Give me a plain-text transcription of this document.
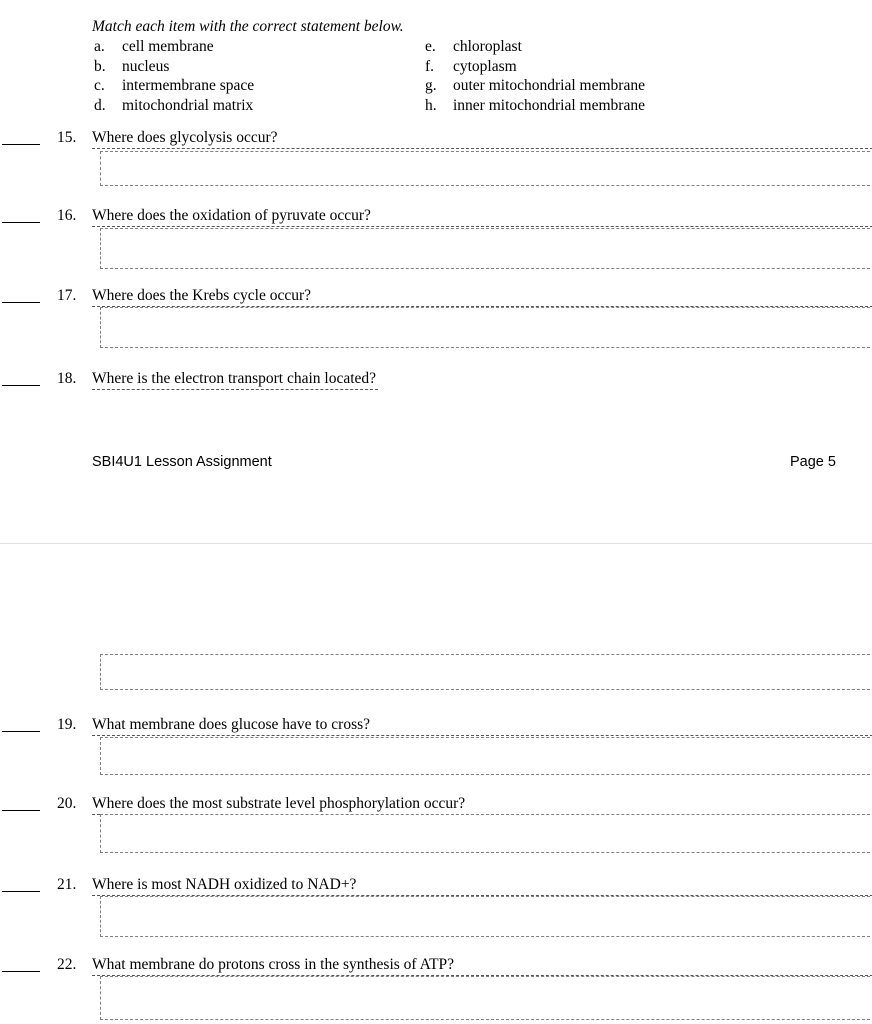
Match each item with the correct statement below.
a.	cell membrane
b.	nucleus
c.	intermembrane space
d.	mitochondrial matrix
e.	chloroplast
f.	cytoplasm
g.	outer mitochondrial membrane
h.	inner mitochondrial membrane
15. Where does glycolysis occur?
16. Where does the oxidation of pyruvate occur?
17. Where does the Krebs cycle occur?
18. Where is the electron transport chain located?
SBI4U1 Lesson Assignment	Page 5
19. What membrane does glucose have to cross?
20. Where does the most substrate level phosphorylation occur?
21. Where is most NADH oxidized to NAD+?
22. What membrane do protons cross in the synthesis of ATP?
